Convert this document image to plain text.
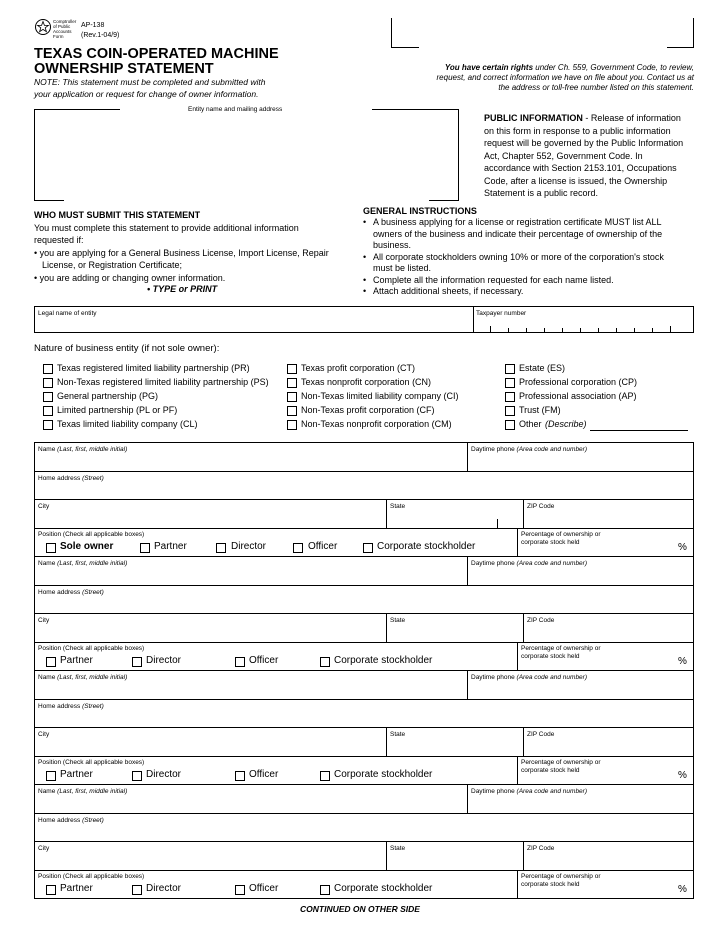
Comptroller
of Public
Accounts
Form
AP-138
(Rev.1-04/9)
TEXAS COIN-OPERATED MACHINE
OWNERSHIP STATEMENT
NOTE: This statement must be completed and submitted with
your application or request for change of owner information.
You have certain rights under Ch. 559, Government Code, to review,
request, and correct information we have on file about you. Contact us at
the address or toll-free number listed on this statement.
Entity name and mailing address
PUBLIC INFORMATION - Release of information
on this form in response to a public information
request will be governed by the Public Information
Act, Chapter 552, Government Code. In
accordance with Section 2153.101, Occupations
Code, after a license is issued, the Ownership
Statement is a public record.
WHO MUST SUBMIT THIS STATEMENT
You must complete this statement to provide additional information
requested if:
• you are applying for a General Business License, Import License, Repair
License, or Registration Certificate;
• you are adding or changing owner information.
• TYPE or PRINT
GENERAL INSTRUCTIONS
• A business applying for a license or registration certificate MUST list ALL
owners of the business and indicate their percentage of ownership of the
business.
• All corporate stockholders owning 10% or more of the corporation's stock
must be listed.
• Complete all the information requested for each name listed.
• Attach additional sheets, if necessary.
Legal name of entity	Taxpayer number
Nature of business entity (if not sole owner):
Texas registered limited liability partnership (PR)
Non-Texas registered limited liability partnership (PS)
General partnership (PG)
Limited partnership (PL or PF)
Texas limited liability company (CL)
Texas profit corporation (CT)
Texas nonprofit corporation (CN)
Non-Texas limited liability company (CI)
Non-Texas profit corporation (CF)
Non-Texas nonprofit corporation (CM)
Estate (ES)
Professional corporation (CP)
Professional association (AP)
Trust (FM)
Other (Describe)
Name (Last, first, middle initial)	Daytime phone (Area code and number)
Home address (Street)
City	State	ZIP Code
Position (Check all applicable boxes)	Percentage of ownership or
corporate stock held	%
Sole owner	Partner	Director	Officer	Corporate stockholder
Name (Last, first, middle initial)	Daytime phone (Area code and number)
Home address (Street)
City	State	ZIP Code
Position (Check all applicable boxes)	Percentage of ownership or
corporate stock held	%
Partner	Director	Officer	Corporate stockholder
Name (Last, first, middle initial)	Daytime phone (Area code and number)
Home address (Street)
City	State	ZIP Code
Position (Check all applicable boxes)	Percentage of ownership or
corporate stock held	%
Partner	Director	Officer	Corporate stockholder
Name (Last, first, middle initial)	Daytime phone (Area code and number)
Home address (Street)
City	State	ZIP Code
Position (Check all applicable boxes)	Percentage of ownership or
corporate stock held	%
Partner	Director	Officer	Corporate stockholder
CONTINUED ON OTHER SIDE
